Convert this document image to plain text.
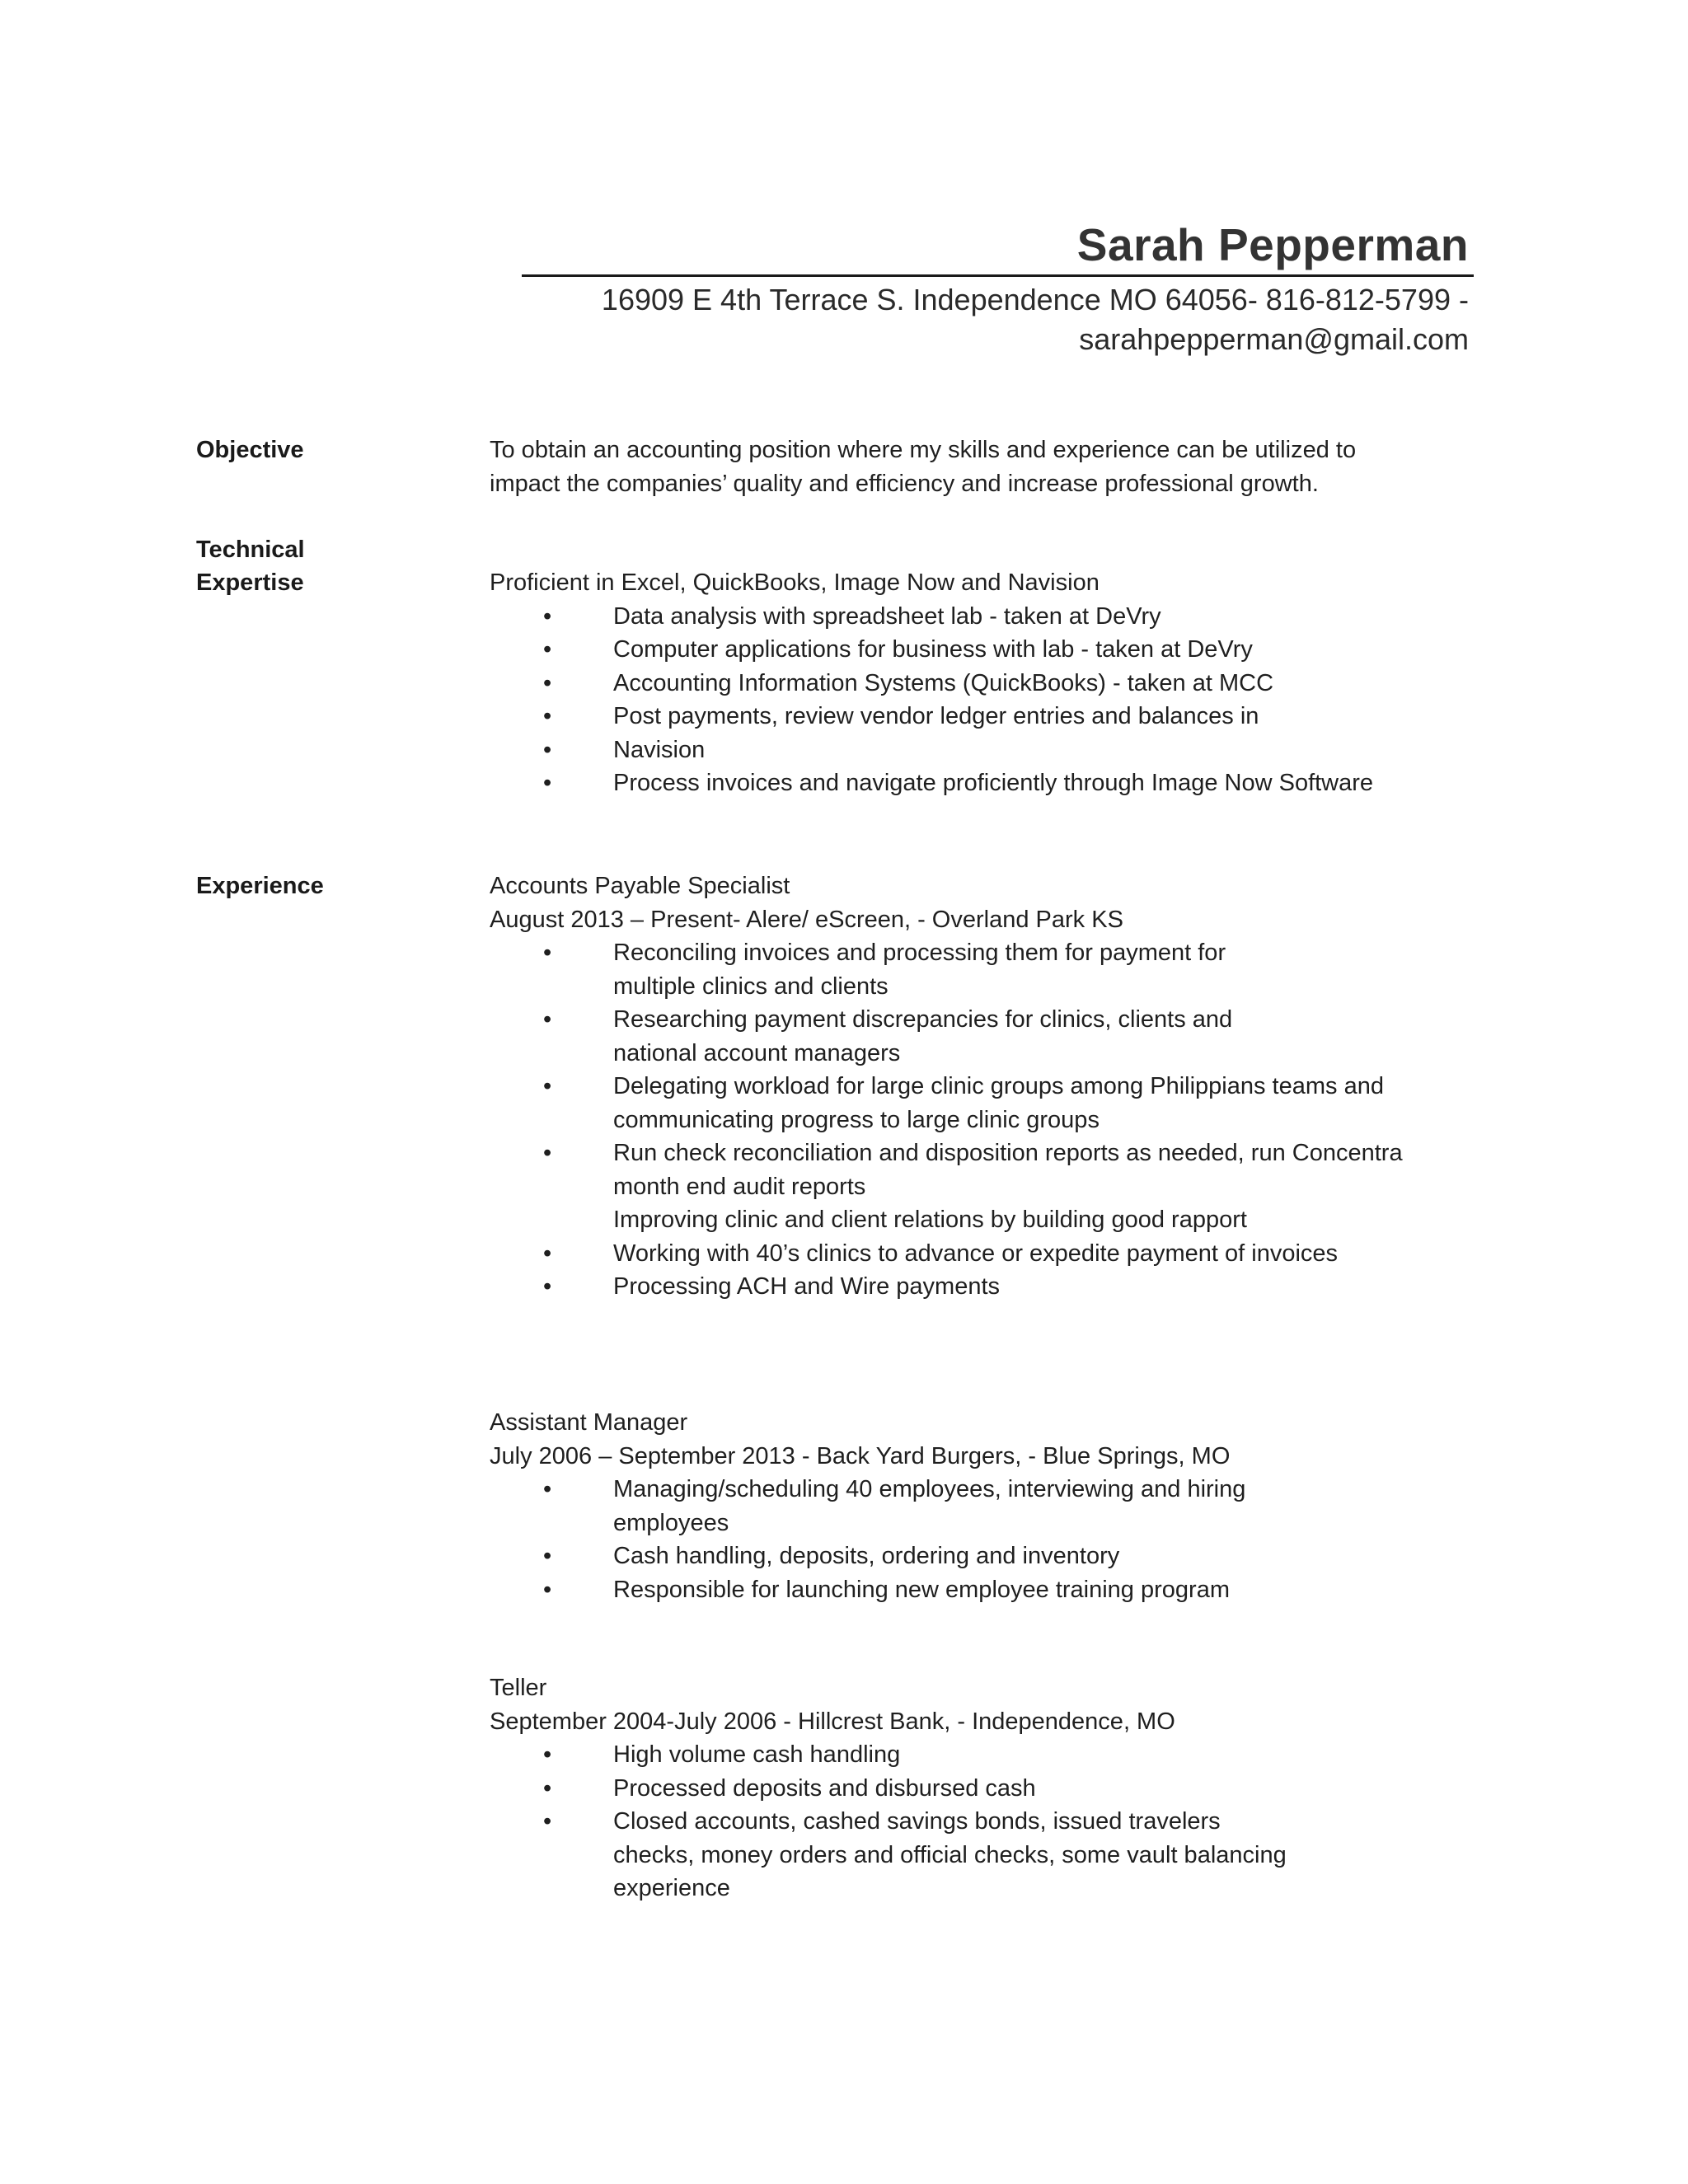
Sarah Pepperman
16909 E 4th Terrace S. Independence MO 64056- 816-812-5799 -
sarahpepperman@gmail.com
Objective	To obtain an accounting position where my skills and experience can be utilized to
impact the companies’ quality and efficiency and increase professional growth.
Technical
Expertise	Proficient in Excel, QuickBooks, Image Now and Navision
•
Data analysis with spreadsheet lab - taken at DeVry
•
Computer applications for business with lab - taken at DeVry
•
Accounting Information Systems (QuickBooks) - taken at MCC
•
Post payments, review vendor ledger entries and balances in
•
Navision
•
Process invoices and navigate proficiently through Image Now Software
Experience	Accounts Payable Specialist
August 2013 – Present- Alere/ eScreen, - Overland Park KS
•
Reconciling invoices and processing them for payment for
multiple clinics and clients
•
Researching payment discrepancies for clinics, clients and
national account managers
•
Delegating workload for large clinic groups among Philippians teams and
communicating progress to large clinic groups
•
Run check reconciliation and disposition reports as needed, run Concentra
month end audit reports
Improving clinic and client relations by building good rapport
•
Working with 40’s clinics to advance or expedite payment of invoices
•
Processing ACH and Wire payments
Assistant Manager
July 2006 – September 2013 - Back Yard Burgers, - Blue Springs, MO
•
Managing/scheduling 40 employees, interviewing and hiring
employees
•
Cash handling, deposits, ordering and inventory
•
Responsible for launching new employee training program
Teller
September 2004-July 2006 - Hillcrest Bank, - Independence, MO
•
High volume cash handling
•
Processed deposits and disbursed cash
•
Closed accounts, cashed savings bonds, issued travelers
checks, money orders and official checks, some vault balancing
experience
